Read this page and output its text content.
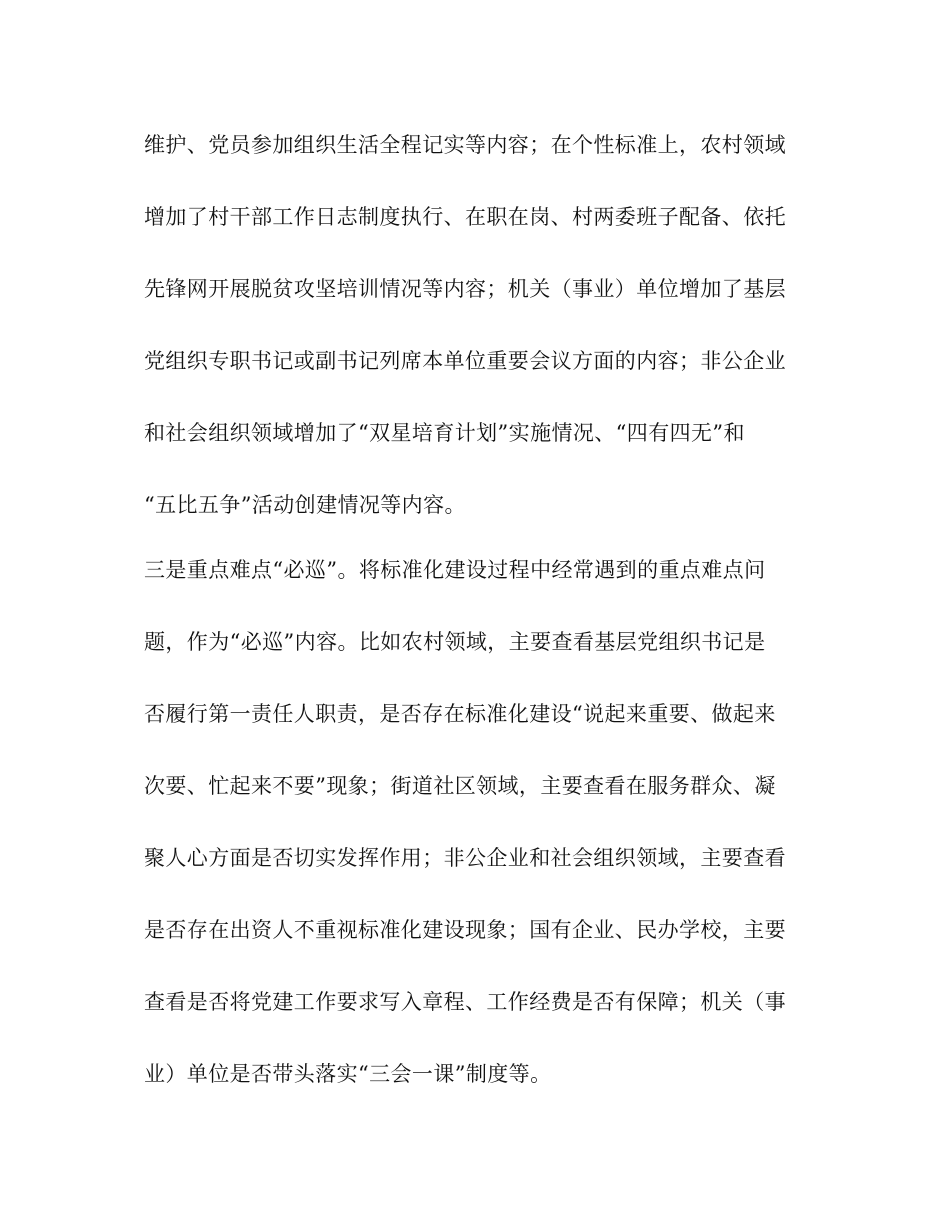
维护、党员参加组织生活全程记实等内容；在个性标准上，农村领域
增加了村干部工作日志制度执行、在职在岗、村两委班子配备、依托
先锋网开展脱贫攻坚培训情况等内容；机关（事业）单位增加了基层
党组织专职书记或副书记列席本单位重要会议方面的内容；非公企业
和社会组织领域增加了“双星培育计划”实施情况、“四有四无”和
“五比五争”活动创建情况等内容。
三是重点难点“必巡”。将标准化建设过程中经常遇到的重点难点问
题，作为“必巡”内容。比如农村领域，主要查看基层党组织书记是
否履行第一责任人职责，是否存在标准化建设“说起来重要、做起来
次要、忙起来不要”现象；街道社区领域，主要查看在服务群众、凝
聚人心方面是否切实发挥作用；非公企业和社会组织领域，主要查看
是否存在出资人不重视标准化建设现象；国有企业、民办学校，主要
查看是否将党建工作要求写入章程、工作经费是否有保障；机关（事
业）单位是否带头落实“三会一课”制度等。
